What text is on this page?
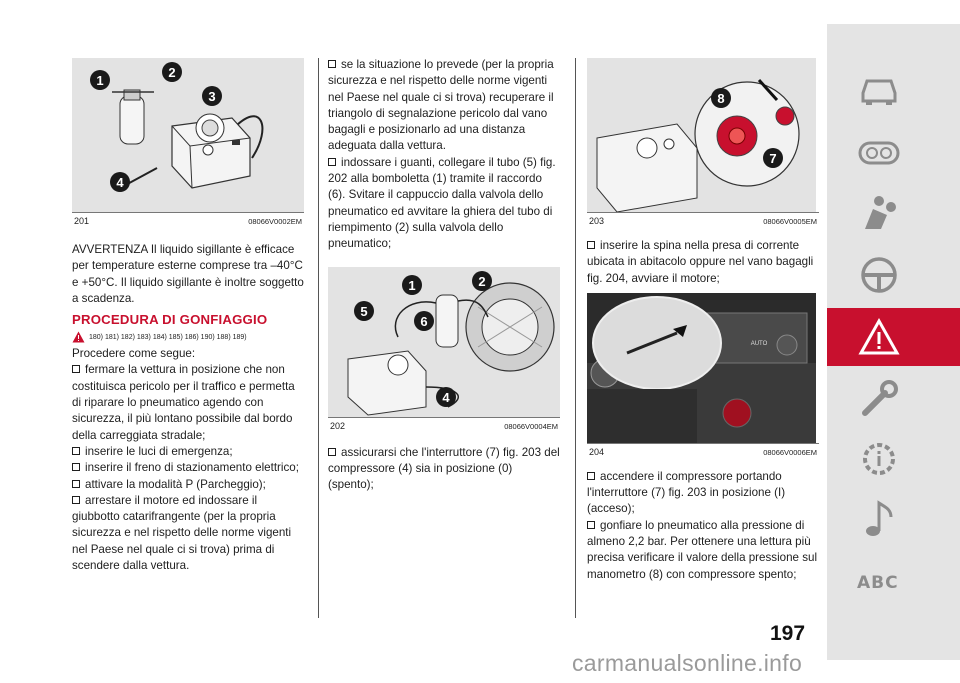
1
2
3
4
201	08066V0002EM

AVVERTENZA Il liquido sigillante è efficace per temperature esterne comprese tra –40°C e +50°C. Il liquido sigillante è inoltre soggetto a scadenza.

PROCEDURA DI GONFIAGGIO
180) 181) 182) 183) 184) 185) 186) 190) 188) 189)

Procedere come segue:

fermare la vettura in posizione che non costituisca pericolo per il traffico e permetta di riparare lo pneumatico agendo con sicurezza, il più lontano possibile dal bordo della carreggiata stradale;

inserire le luci di emergenza;

inserire il freno di stazionamento elettrico;

attivare la modalità P (Parcheggio);

arrestare il motore ed indossare il giubbotto catarifrangente (per la propria sicurezza e nel rispetto delle norme vigenti nel Paese nel quale ci si trova) prima di scendere dalla vettura.

se la situazione lo prevede (per la propria sicurezza e nel rispetto delle norme vigenti nel Paese nel quale ci si trova) recuperare il triangolo di segnalazione pericolo dal vano bagagli e posizionarlo ad una distanza adeguata dalla vettura.

indossare i guanti, collegare il tubo (5) fig. 202 alla bomboletta (1) tramite il raccordo (6). Svitare il cappuccio dalla valvola dello pneumatico ed avvitare la ghiera del tubo di riempimento (2) sulla valvola dello pneumatico;

1	2
5
6
4
202	08066V0004EM

assicurarsi che l'interruttore (7) fig. 203 del compressore (4) sia in posizione (0) (spento);

8
7
203	08066V0005EM

inserire la spina nella presa di corrente ubicata in abitacolo oppure nel vano bagagli fig. 204, avviare il motore;

AUTO
204	08066V0006EM

accendere il compressore portando l'interruttore (7) fig. 203 in posizione (I) (acceso);

gonfiare lo pneumatico alla pressione di almeno 2,2 bar. Per ottenere una lettura più precisa verificare il valore della pressione sul manometro (8) con compressore spento;	ABC
197
carmanualsonline.info
